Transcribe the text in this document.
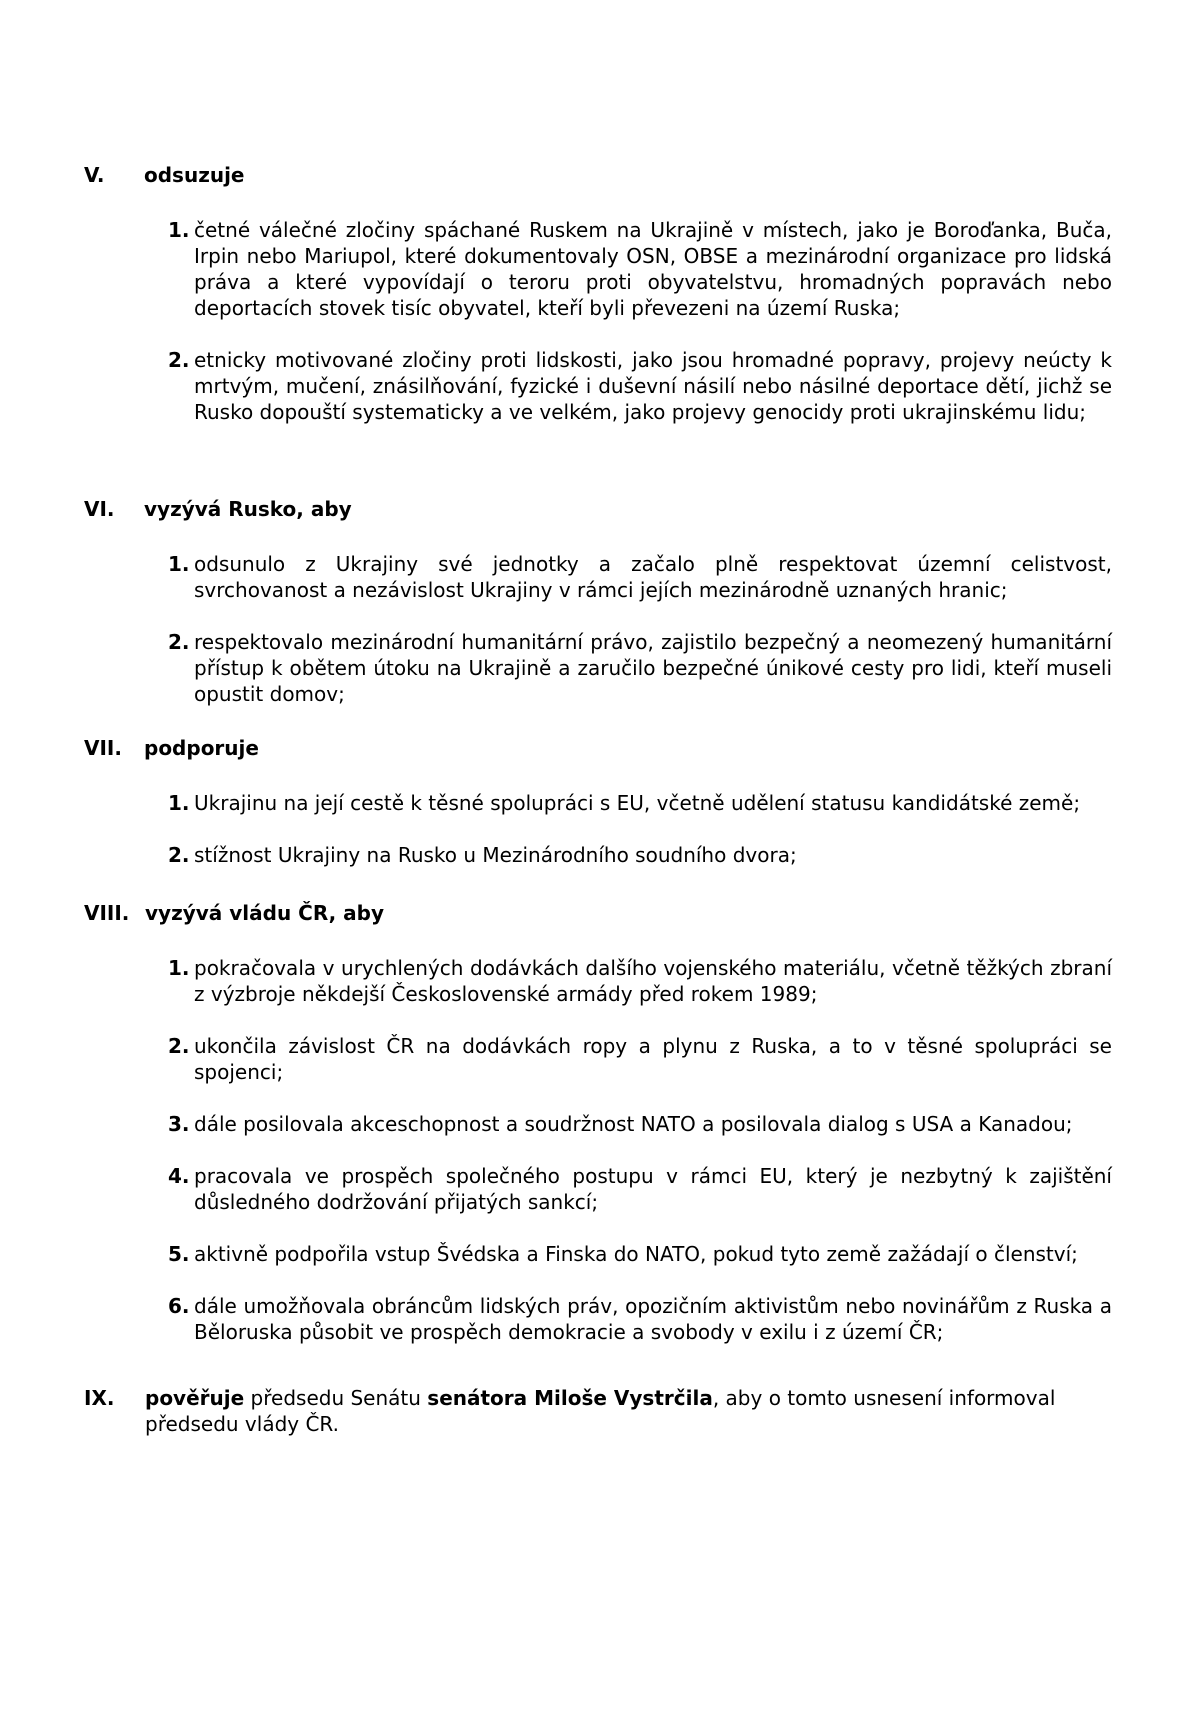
V. odsuzuje
1. četné válečné zločiny spáchané Ruskem na Ukrajině v místech, jako je Boroďanka, Buča, Irpin nebo Mariupol, které dokumentovaly OSN, OBSE a mezinárodní organizace pro lidská práva a které vypovídají o teroru proti obyvatelstvu, hromadných popravách nebo deportacích stovek tisíc obyvatel, kteří byli převezeni na území Ruska;
2. etnicky motivované zločiny proti lidskosti, jako jsou hromadné popravy, projevy neúcty k mrtvým, mučení, znásilňování, fyzické i duševní násilí nebo násilné deportace dětí, jichž se Rusko dopouští systematicky a ve velkém, jako projevy genocidy proti ukrajinskému lidu;
VI. vyzývá Rusko, aby
1. odsunulo z Ukrajiny své jednotky a začalo plně respektovat územní celistvost, svrchovanost a nezávislost Ukrajiny v rámci jejích mezinárodně uznaných hranic;
2. respektovalo mezinárodní humanitární právo, zajistilo bezpečný a neomezený humanitární přístup k obětem útoku na Ukrajině a zaručilo bezpečné únikové cesty pro lidi, kteří museli opustit domov;
VII. podporuje
1. Ukrajinu na její cestě k těsné spolupráci s EU, včetně udělení statusu kandidátské země;
2. stížnost Ukrajiny na Rusko u Mezinárodního soudního dvora;
VIII. vyzývá vládu ČR, aby
1. pokračovala v urychlených dodávkách dalšího vojenského materiálu, včetně těžkých zbraní z výzbroje někdejší Československé armády před rokem 1989;
2. ukončila závislost ČR na dodávkách ropy a plynu z Ruska, a to v těsné spolupráci se spojenci;
3. dále posilovala akceschopnost a soudržnost NATO a posilovala dialog s USA a Kanadou;
4. pracovala ve prospěch společného postupu v rámci EU, který je nezbytný k zajištění důsledného dodržování přijatých sankcí;
5. aktivně podpořila vstup Švédska a Finska do NATO, pokud tyto země zažádají o členství;
6. dále umožňovala obráncům lidských práv, opozičním aktivistům nebo novinářům z Ruska a Běloruska působit ve prospěch demokracie a svobody v exilu i z území ČR;
IX. pověřuje předsedu Senátu senátora Miloše Vystrčila, aby o tomto usnesení informoval předsedu vlády ČR.
